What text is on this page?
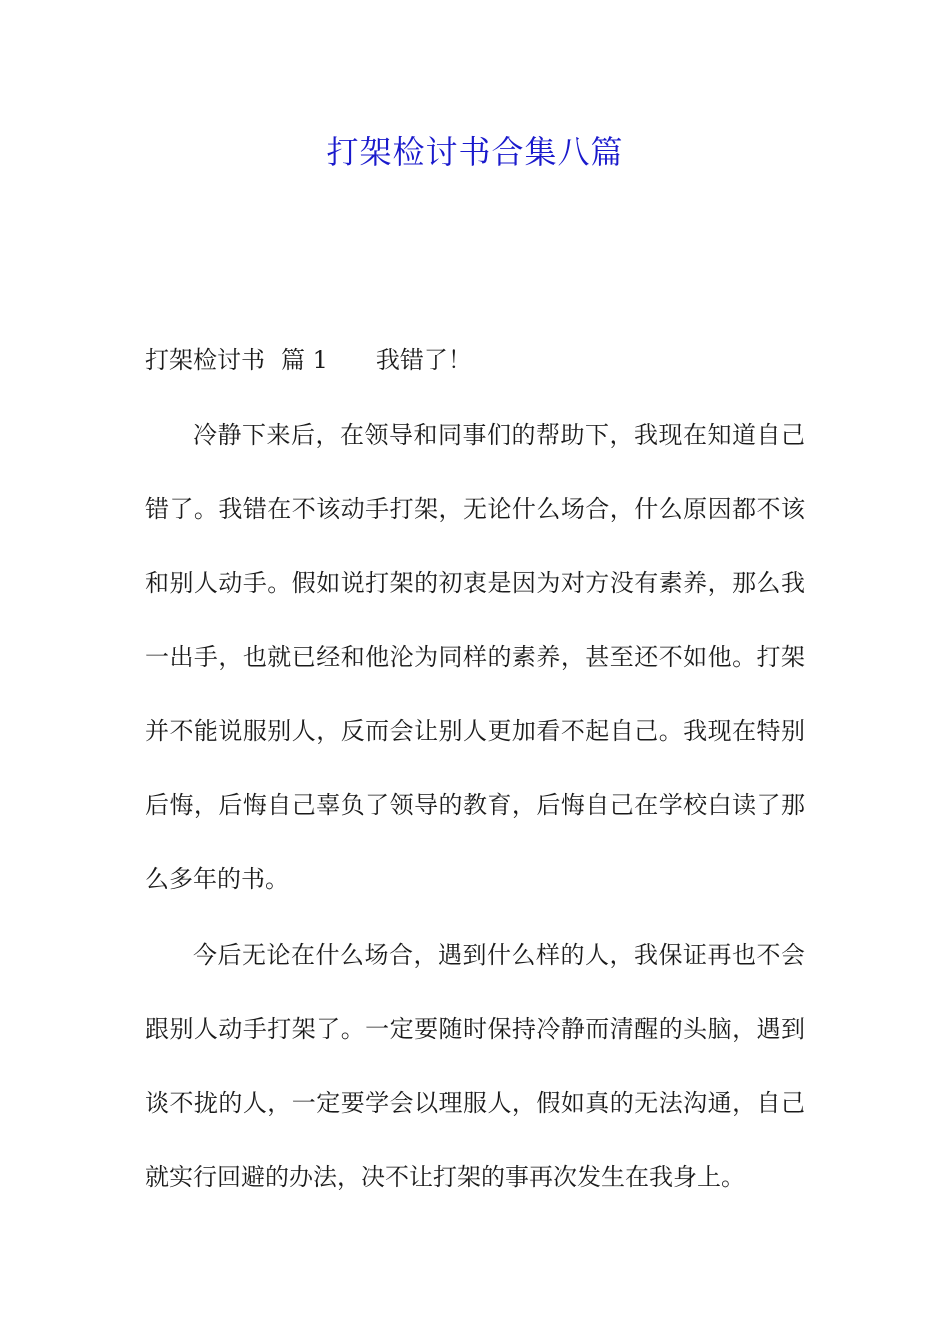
打架检讨书合集八篇

打架检讨书 篇 1 我错了！

冷静下来后，在领导和同事们的帮助下，我现在知道自己错了。我错在不该动手打架，无论什么场合，什么原因都不该和别人动手。假如说打架的初衷是因为对方没有素养，那么我一出手，也就已经和他沦为同样的素养，甚至还不如他。打架并不能说服别人，反而会让别人更加看不起自己。我现在特别后悔，后悔自己辜负了领导的教育，后悔自己在学校白读了那么多年的书。

今后无论在什么场合，遇到什么样的人，我保证再也不会跟别人动手打架了。一定要随时保持冷静而清醒的头脑，遇到谈不拢的人，一定要学会以理服人，假如真的无法沟通，自己就实行回避的办法，决不让打架的事再次发生在我身上。
